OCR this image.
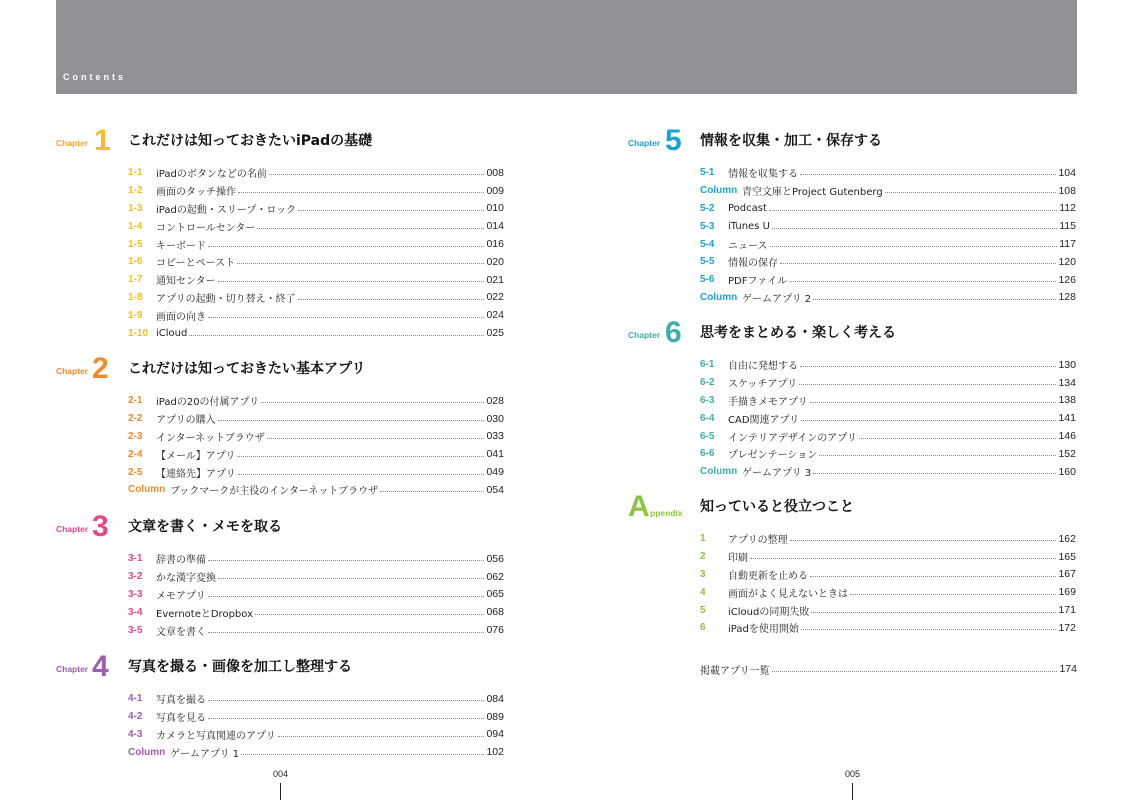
Contents
Chapter 1 これだけは知っておきたいiPadの基礎
1-1	iPadのボタンなどの名前	008
1-2	画面のタッチ操作	009
1-3	iPadの起動・スリープ・ロック	010
1-4	コントロールセンター	014
1-5	キーボード	016
1-6	コピーとペースト	020
1-7	通知センター	021
1-8	アプリの起動・切り替え・終了	022
1-9	画面の向き	024
1-10 iCloud	025
Chapter 2 これだけは知っておきたい基本アプリ
2-1	iPadの20の付属アプリ	028
2-2	アプリの購入	030
2-3	インターネットブラウザ	033
2-4	【メール】アプリ	041
2-5	【連絡先】アプリ	049
Column ブックマークが主役のインターネットブラウザ	054
Chapter 3 文章を書く・メモを取る
3-1	辞書の準備	056
3-2	かな漢字変換	062
3-3	メモアプリ	065
3-4	EvernoteとDropbox	068
3-5	文章を書く	076
Chapter 4 写真を撮る・画像を加工し整理する
4-1	写真を撮る	084
4-2	写真を見る	089
4-3	カメラと写真関連のアプリ	094
Column ゲームアプリ 1	102
Chapter 5 情報を収集・加工・保存する
5-1	情報を収集する	104
Column 青空文庫とProject Gutenberg	108
5-2	Podcast	112
5-3	iTunes U	115
5-4	ニュース	117
5-5	情報の保存	120
5-6	PDFファイル	126
Column ゲームアプリ 2	128
Chapter 6 思考をまとめる・楽しく考える
6-1	自由に発想する	130
6-2	スケッチアプリ	134
6-3	手描きメモアプリ	138
6-4	CAD関連アプリ	141
6-5	インテリアデザインのアプリ	146
6-6	プレゼンテーション	152
Column ゲームアプリ 3	160
A ppendix 知っていると役立つこと
1	アプリの整理	162
2	印刷	165
3	自動更新を止める	167
4	画面がよく見えないときは	169
5	iCloudの同期失敗	171
6	iPadを使用開始	172
掲載アプリ一覧	174
004	005
